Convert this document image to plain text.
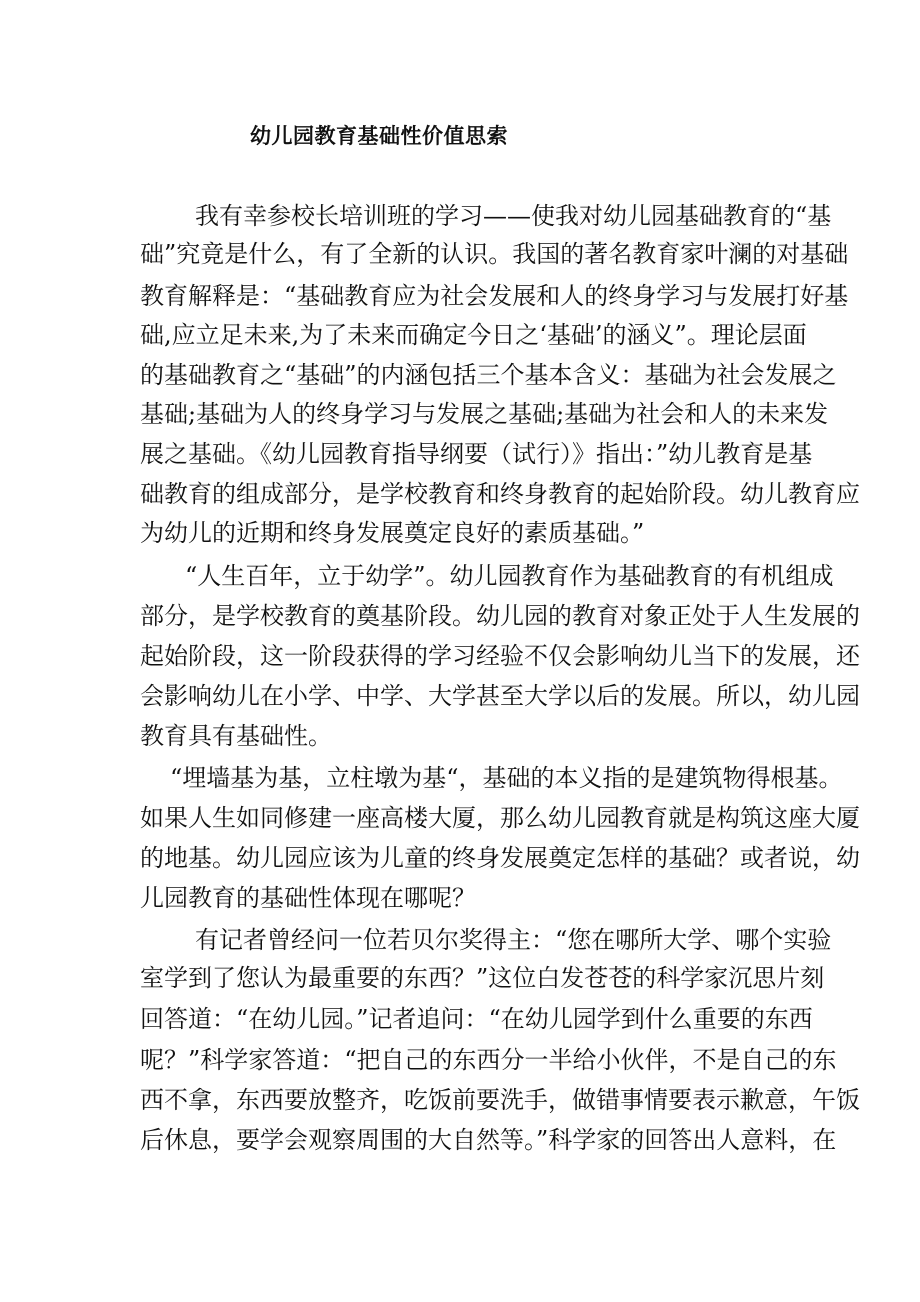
幼儿园教育基础性价值思索
我有幸参校长培训班的学习——使我对幼儿园基础教育的“基
础”究竟是什么，有了全新的认识。我国的著名教育家叶澜的对基础
教育解释是：“基础教育应为社会发展和人的终身学习与发展打好基
础,应立足未来,为了未来而确定今日之‘基础’的涵义”。理论层面
的基础教育之“基础”的内涵包括三个基本含义：基础为社会发展之
基础;基础为人的终身学习与发展之基础;基础为社会和人的未来发
展之基础。《幼儿园教育指导纲要（试行）》指出：”幼儿教育是基
础教育的组成部分，是学校教育和终身教育的起始阶段。幼儿教育应
为幼儿的近期和终身发展奠定良好的素质基础。”
“人生百年，立于幼学”。幼儿园教育作为基础教育的有机组成
部分，是学校教育的奠基阶段。幼儿园的教育对象正处于人生发展的
起始阶段，这一阶段获得的学习经验不仅会影响幼儿当下的发展，还
会影响幼儿在小学、中学、大学甚至大学以后的发展。所以，幼儿园
教育具有基础性。
“埋墙基为基，立柱墩为基“，基础的本义指的是建筑物得根基。
如果人生如同修建一座高楼大厦，那么幼儿园教育就是构筑这座大厦
的地基。幼儿园应该为儿童的终身发展奠定怎样的基础？或者说，幼
儿园教育的基础性体现在哪呢？
有记者曾经问一位若贝尔奖得主：“您在哪所大学、哪个实验
室学到了您认为最重要的东西？”这位白发苍苍的科学家沉思片刻
回答道：“在幼儿园。”记者追问：“在幼儿园学到什么重要的东西
呢？”科学家答道：“把自己的东西分一半给小伙伴，不是自己的东
西不拿，东西要放整齐，吃饭前要洗手，做错事情要表示歉意，午饭
后休息，要学会观察周围的大自然等。”科学家的回答出人意料，在
